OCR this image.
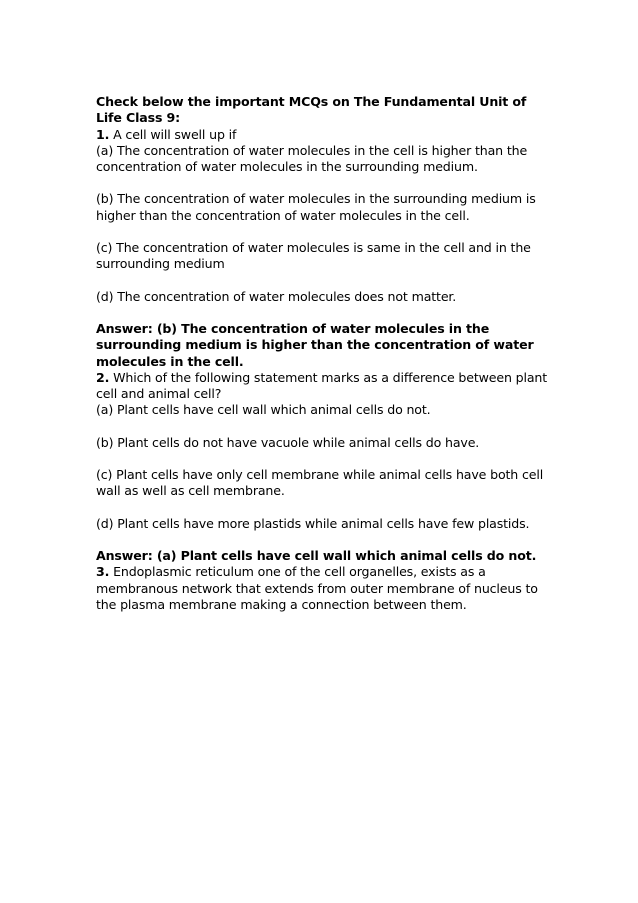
Check below the important MCQs on The Fundamental Unit of Life Class 9:

1. A cell will swell up if

(a) The concentration of water molecules in the cell is higher than the concentration of water molecules in the surrounding medium.

(b) The concentration of water molecules in the surrounding medium is higher than the concentration of water molecules in the cell.

(c) The concentration of water molecules is same in the cell and in the surrounding medium

(d) The concentration of water molecules does not matter.

Answer: (b) The concentration of water molecules in the surrounding medium is higher than the concentration of water molecules in the cell.

2. Which of the following statement marks as a difference between plant cell and animal cell?

(a) Plant cells have cell wall which animal cells do not.

(b) Plant cells do not have vacuole while animal cells do have.

(c) Plant cells have only cell membrane while animal cells have both cell wall as well as cell membrane.

(d) Plant cells have more plastids while animal cells have few plastids.

Answer: (a) Plant cells have cell wall which animal cells do not.

3. Endoplasmic reticulum one of the cell organelles, exists as a membranous network that extends from outer membrane of nucleus to the plasma membrane making a connection between them.
